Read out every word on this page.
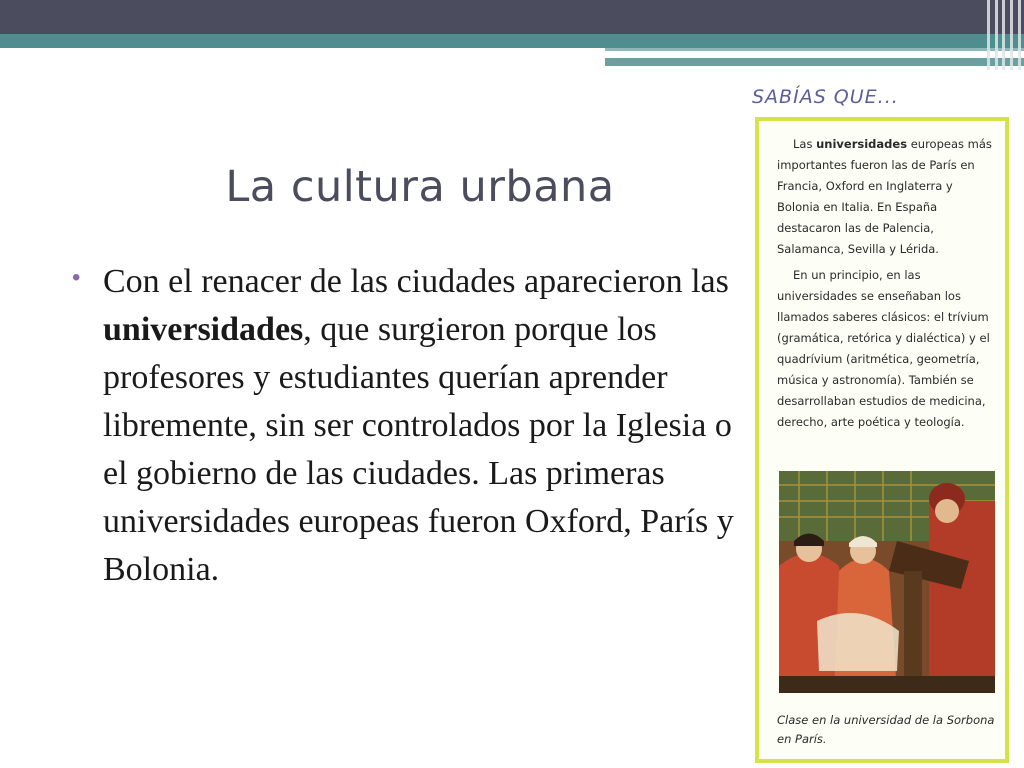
La cultura urbana
• Con el renacer de las ciudades aparecieron las universidades, que surgieron porque los profesores y estudiantes querían aprender libremente, sin ser controlados por la Iglesia o el gobierno de las ciudades. Las primeras universidades europeas fueron Oxford, París y Bolonia.
SABÍAS QUE...

Las universidades europeas más importantes fueron las de París en Francia, Oxford en Inglaterra y Bolonia en Italia. En España destacaron las de Palencia, Salamanca, Sevilla y Lérida.

En un principio, en las universidades se enseñaban los llamados saberes clásicos: el trívium (gramática, retórica y dialéctica) y el quadrívium (aritmética, geometría, música y astronomía). También se desarrollaban estudios de medicina, derecho, arte poética y teología.

Clase en la universidad de la Sorbona en París.
